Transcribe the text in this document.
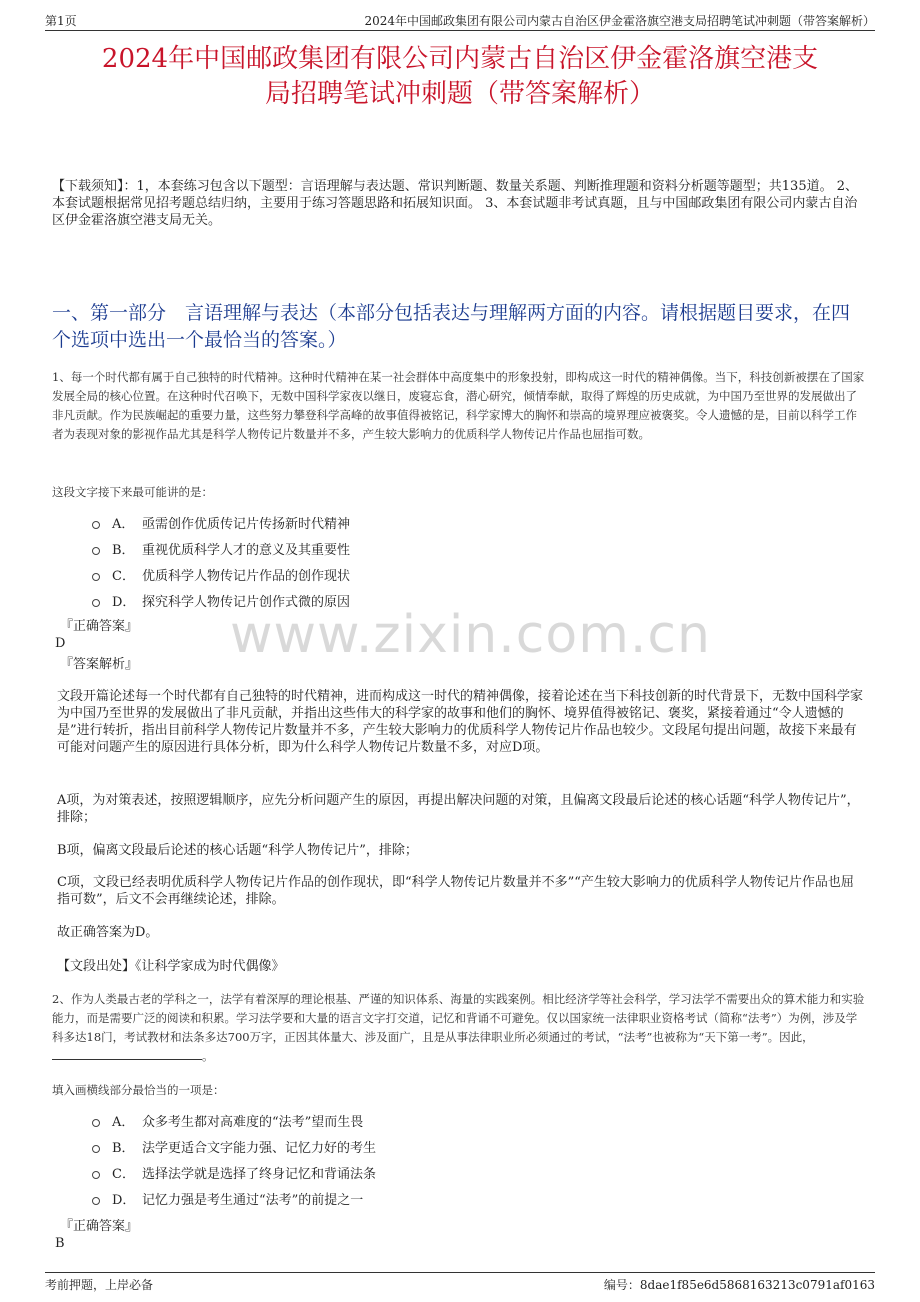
第1页	2024年中国邮政集团有限公司内蒙古自治区伊金霍洛旗空港支局招聘笔试冲刺题（带答案解析）
2024年中国邮政集团有限公司内蒙古自治区伊金霍洛旗空港支
局招聘笔试冲刺题（带答案解析）
【下载须知】：1，本套练习包含以下题型：言语理解与表达题、常识判断题、数量关系题、判断推理题和资料分析题等题型；共135道。 2、本套试题根据常见招考题总结归纳，主要用于练习答题思路和拓展知识面。 3、本套试题非考试真题，且与中国邮政集团有限公司内蒙古自治区伊金霍洛旗空港支局无关。
一、第一部分　言语理解与表达（本部分包括表达与理解两方面的内容。请根据题目要求，在四个选项中选出一个最恰当的答案。）
1、每一个时代都有属于自己独特的时代精神。这种时代精神在某一社会群体中高度集中的形象投射，即构成这一时代的精神偶像。当下，科技创新被摆在了国家发展全局的核心位置。在这种时代召唤下，无数中国科学家夜以继日，废寝忘食，潜心研究，倾情奉献，取得了辉煌的历史成就，为中国乃至世界的发展做出了非凡贡献。作为民族崛起的重要力量，这些努力攀登科学高峰的故事值得被铭记，科学家博大的胸怀和崇高的境界理应被褒奖。令人遗憾的是，目前以科学工作者为表现对象的影视作品尤其是科学人物传记片数量并不多，产生较大影响力的优质科学人物传记片作品也屈指可数。
这段文字接下来最可能讲的是：
A． 亟需创作优质传记片传扬新时代精神
B． 重视优质科学人才的意义及其重要性
C． 优质科学人物传记片作品的创作现状
D． 探究科学人物传记片创作式微的原因
『正确答案』
D
『答案解析』
文段开篇论述每一个时代都有自己独特的时代精神，进而构成这一时代的精神偶像，接着论述在当下科技创新的时代背景下，无数中国科学家为中国乃至世界的发展做出了非凡贡献，并指出这些伟大的科学家的故事和他们的胸怀、境界值得被铭记、褒奖，紧接着通过“令人遗憾的是”进行转折，指出目前科学人物传记片数量并不多，产生较大影响力的优质科学人物传记片作品也较少。文段尾句提出问题，故接下来最有可能对问题产生的原因进行具体分析，即为什么科学人物传记片数量不多，对应D项。
A项，为对策表述，按照逻辑顺序，应先分析问题产生的原因，再提出解决问题的对策，且偏离文段最后论述的核心话题“科学人物传记片”，排除；
B项，偏离文段最后论述的核心话题“科学人物传记片”，排除；
C项，文段已经表明优质科学人物传记片作品的创作现状，即“科学人物传记片数量并不多”“产生较大影响力的优质科学人物传记片作品也屈指可数”，后文不会再继续论述，排除。
故正确答案为D。
【文段出处】《让科学家成为时代偶像》
2、作为人类最古老的学科之一，法学有着深厚的理论根基、严谨的知识体系、海量的实践案例。相比经济学等社会科学，学习法学不需要出众的算术能力和实验能力，而是需要广泛的阅读和积累。学习法学要和大量的语言文字打交道，记忆和背诵不可避免。仅以国家统一法律职业资格考试（简称“法考”）为例，涉及学科多达18门，考试教材和法条多达700万字，正因其体量大、涉及面广，且是从事法律职业所必须通过的考试，“法考”也被称为“天下第一考”。因此，。
填入画横线部分最恰当的一项是：
A． 众多考生都对高难度的“法考”望而生畏
B． 法学更适合文字能力强、记忆力好的考生
C． 选择法学就是选择了终身记忆和背诵法条
D． 记忆力强是考生通过“法考”的前提之一
『正确答案』
B
www.zixin.com.cn
考前押题，上岸必备	编号：8dae1f85e6d5868163213c0791af0163
